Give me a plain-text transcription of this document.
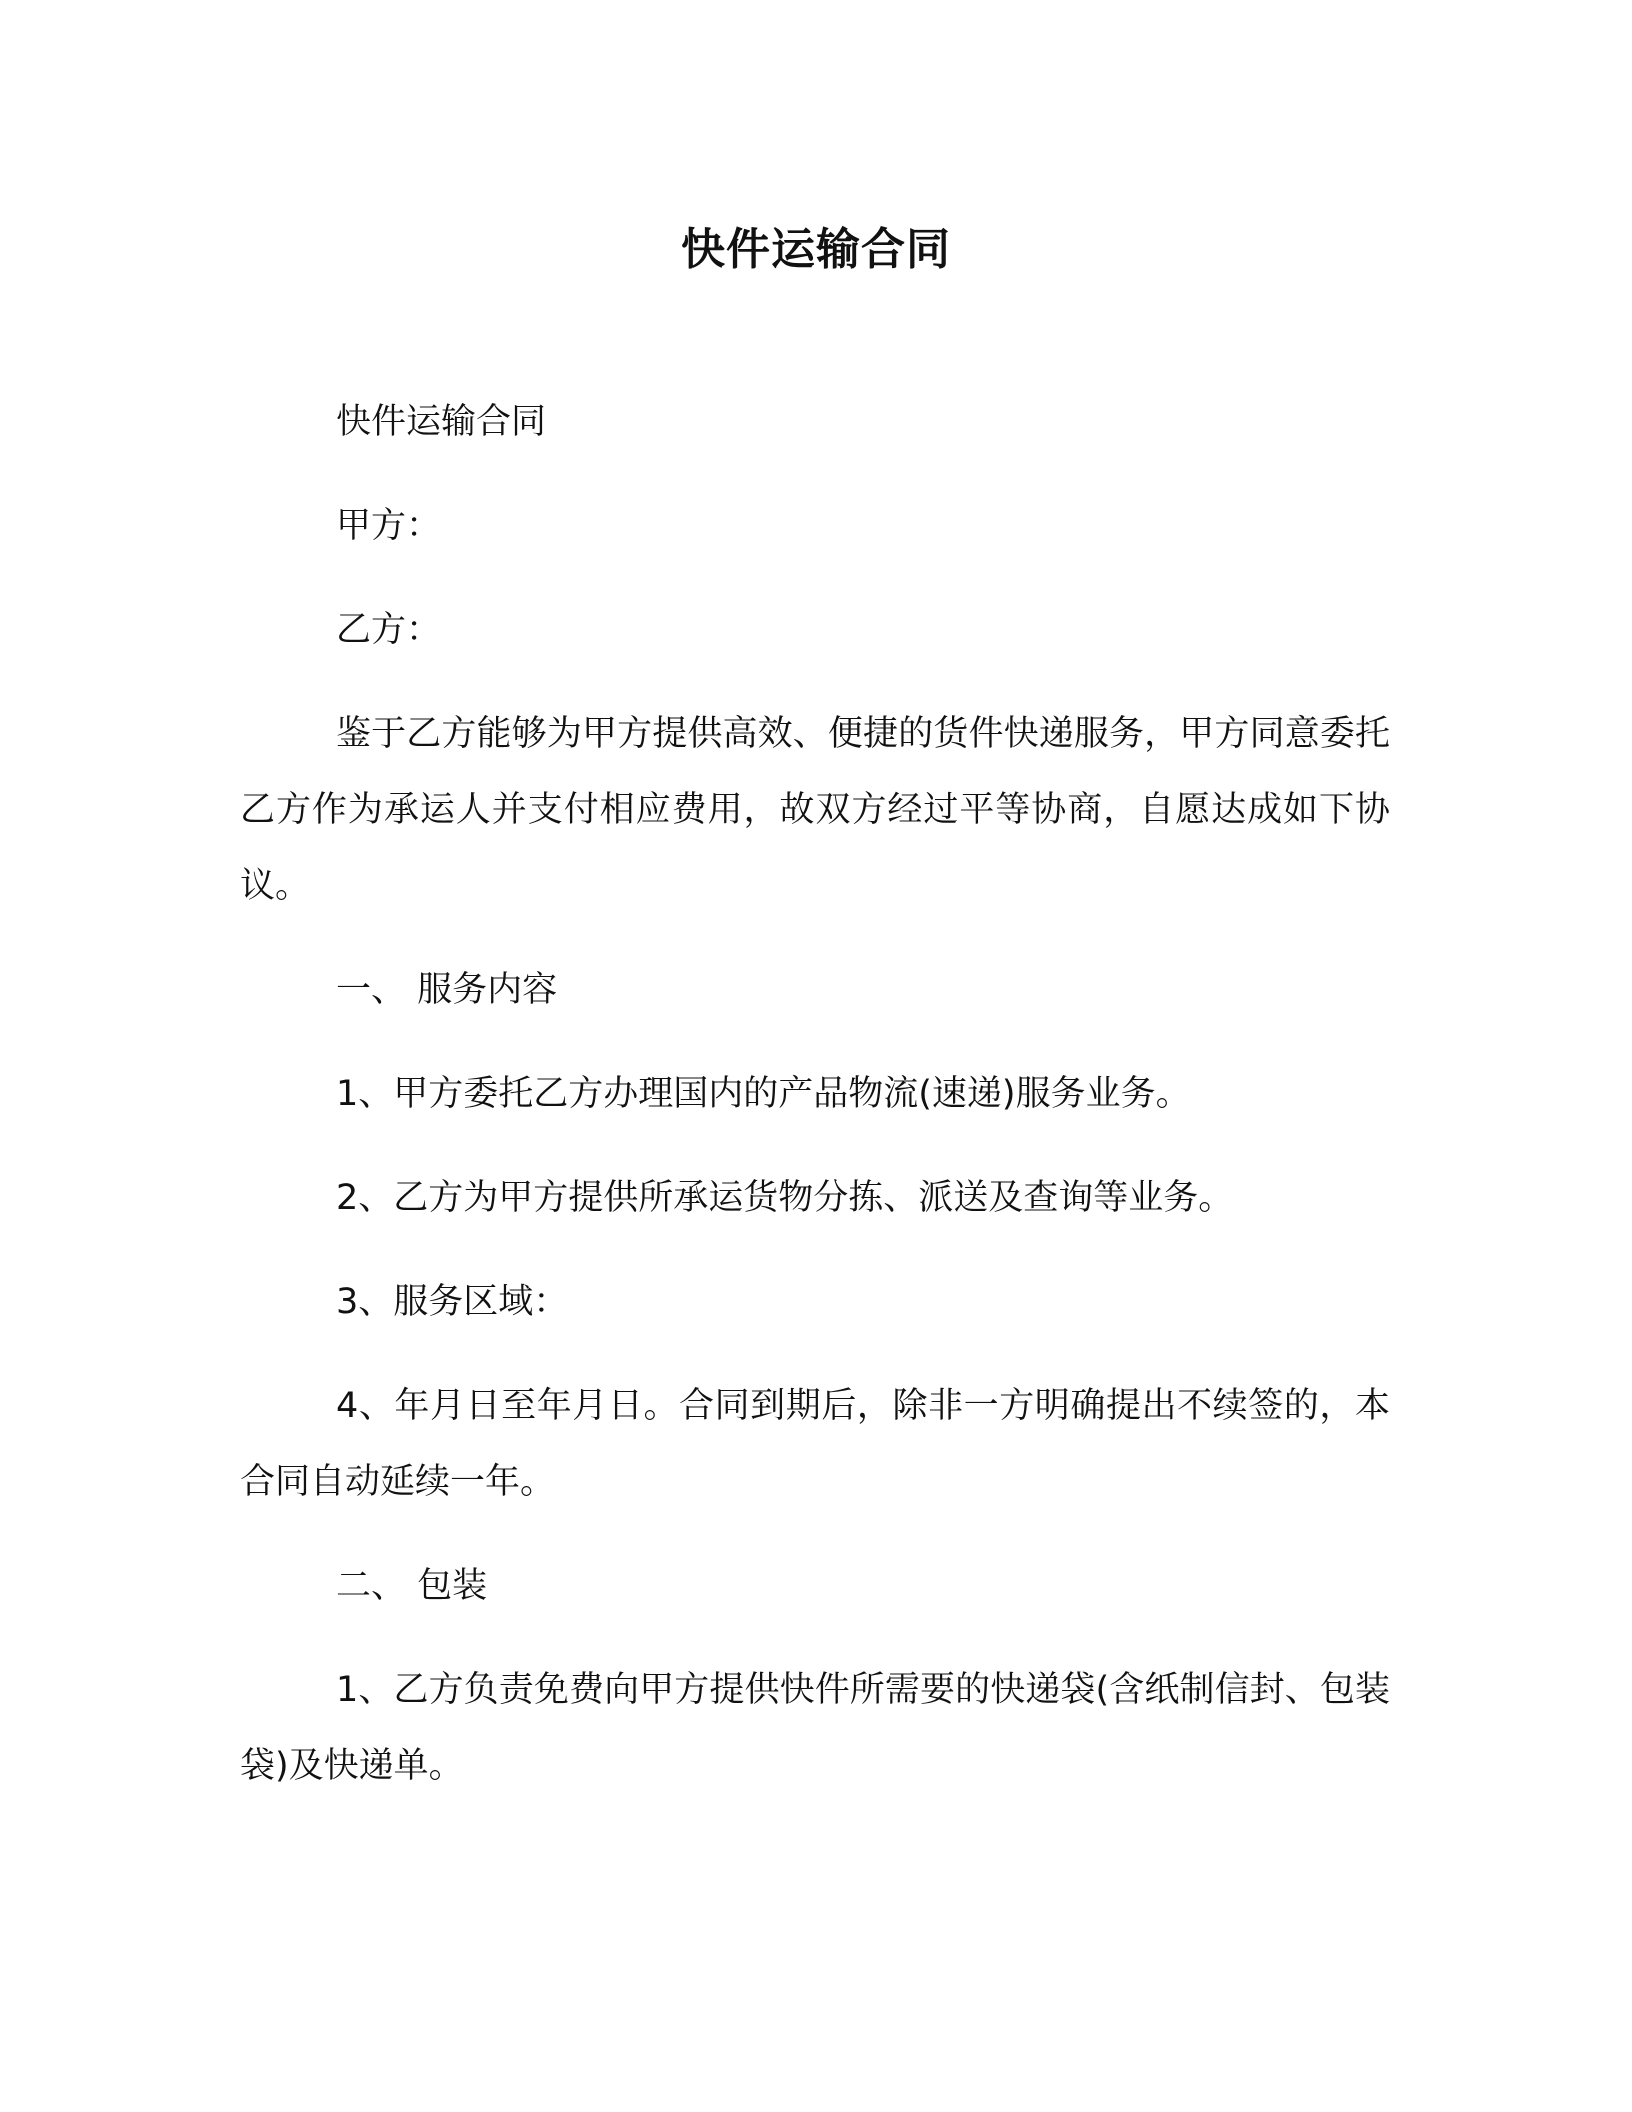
快件运输合同

快件运输合同

甲方：

乙方：

鉴于乙方能够为甲方提供高效、便捷的货件快递服务，甲方同意委托乙方作为承运人并支付相应费用，故双方经过平等协商，自愿达成如下协议。

一、 服务内容

1、甲方委托乙方办理国内的产品物流(速递)服务业务。

2、乙方为甲方提供所承运货物分拣、派送及查询等业务。

3、服务区域：

4、年月日至年月日。合同到期后，除非一方明确提出不续签的，本合同自动延续一年。

二、 包装

1、乙方负责免费向甲方提供快件所需要的快递袋(含纸制信封、包装袋)及快递单。
